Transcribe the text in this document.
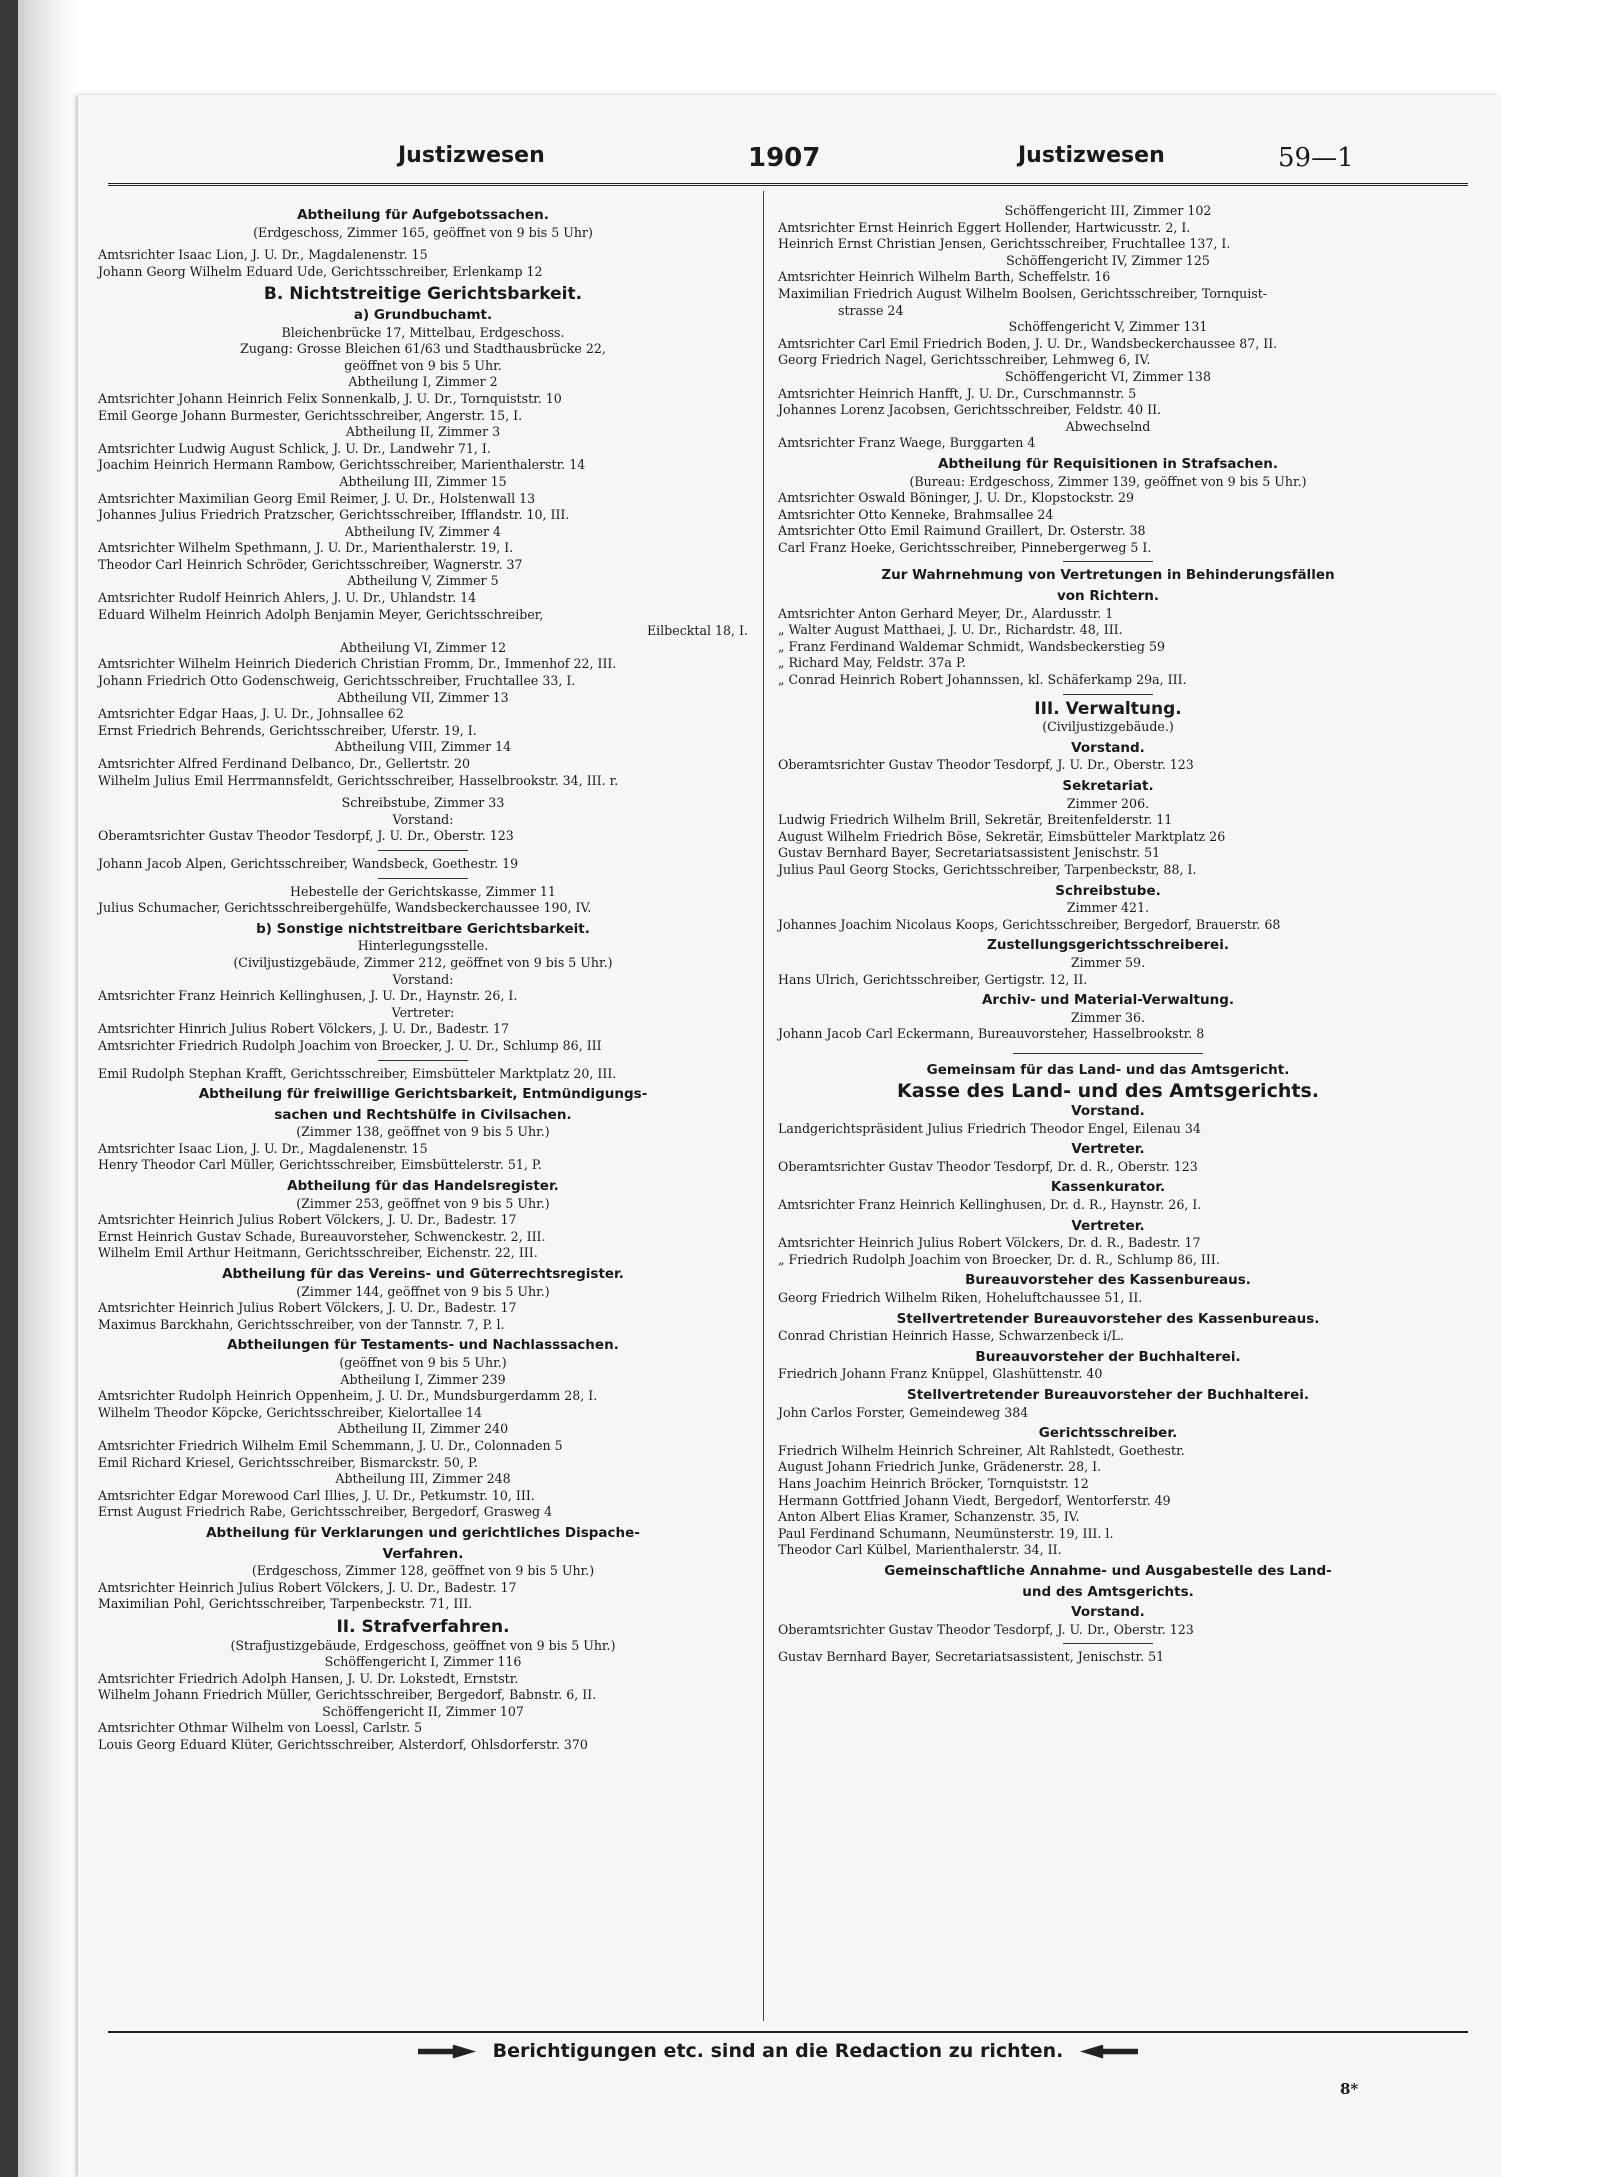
Justizwesen	1907	Justizwesen	59—1
Abtheilung für Aufgebotssachen.
(Erdgeschoss, Zimmer 165, geöffnet von 9 bis 5 Uhr)
Amtsrichter Isaac Lion, J. U. Dr., Magdalenenstr. 15
Johann Georg Wilhelm Eduard Ude, Gerichtsschreiber, Erlenkamp 12
B. Nichtstreitige Gerichtsbarkeit.
a) Grundbuchamt.
Bleichenbrücke 17, Mittelbau, Erdgeschoss.
Zugang: Grosse Bleichen 61/63 und Stadthausbrücke 22,
geöffnet von 9 bis 5 Uhr.
Abtheilung I, Zimmer 2
Amtsrichter Johann Heinrich Felix Sonnenkalb, J. U. Dr., Tornquiststr. 10
Emil George Johann Burmester, Gerichtsschreiber, Angerstr. 15, I.
Abtheilung II, Zimmer 3
Amtsrichter Ludwig August Schlick, J. U. Dr., Landwehr 71, I.
Joachim Heinrich Hermann Rambow, Gerichtsschreiber, Marienthalerstr. 14
Abtheilung III, Zimmer 15
Amtsrichter Maximilian Georg Emil Reimer, J. U. Dr., Holstenwall 13
Johannes Julius Friedrich Pratzscher, Gerichtsschreiber, Ifflandstr. 10, III.
Abtheilung IV, Zimmer 4
Amtsrichter Wilhelm Spethmann, J. U. Dr., Marienthalerstr. 19, I.
Theodor Carl Heinrich Schröder, Gerichtsschreiber, Wagnerstr. 37
Abtheilung V, Zimmer 5
Amtsrichter Rudolf Heinrich Ahlers, J. U. Dr., Uhlandstr. 14
Eduard Wilhelm Heinrich Adolph Benjamin Meyer, Gerichtsschreiber,
Eilbecktal 18, I.
Abtheilung VI, Zimmer 12
Amtsrichter Wilhelm Heinrich Diederich Christian Fromm, Dr., Immenhof 22, III.
Johann Friedrich Otto Godenschweig, Gerichtsschreiber, Fruchtallee 33, I.
Abtheilung VII, Zimmer 13
Amtsrichter Edgar Haas, J. U. Dr., Johnsallee 62
Ernst Friedrich Behrends, Gerichtsschreiber, Uferstr. 19, I.
Abtheilung VIII, Zimmer 14
Amtsrichter Alfred Ferdinand Delbanco, Dr., Gellertstr. 20
Wilhelm Julius Emil Herrmannsfeldt, Gerichtsschreiber, Hasselbrookstr. 34, III. r.
Schreibstube, Zimmer 33
Vorstand:
Oberamtsrichter Gustav Theodor Tesdorpf, J. U. Dr., Oberstr. 123
Johann Jacob Alpen, Gerichtsschreiber, Wandsbeck, Goethestr. 19
Hebestelle der Gerichtskasse, Zimmer 11
Julius Schumacher, Gerichtsschreibergehülfe, Wandsbeckerchaussee 190, IV.
b) Sonstige nichtstreitbare Gerichtsbarkeit.
Hinterlegungsstelle.
(Civiljustizgebäude, Zimmer 212, geöffnet von 9 bis 5 Uhr.)
Vorstand:
Amtsrichter Franz Heinrich Kellinghusen, J. U. Dr., Haynstr. 26, I.
Vertreter:
Amtsrichter Hinrich Julius Robert Völckers, J. U. Dr., Badestr. 17
Amtsrichter Friedrich Rudolph Joachim von Broecker, J. U. Dr., Schlump 86, III
Emil Rudolph Stephan Krafft, Gerichtsschreiber, Eimsbütteler Marktplatz 20, III.
Abtheilung für freiwillige Gerichtsbarkeit, Entmündigungs-
sachen und Rechtshülfe in Civilsachen.
(Zimmer 138, geöffnet von 9 bis 5 Uhr.)
Amtsrichter Isaac Lion, J. U. Dr., Magdalenenstr. 15
Henry Theodor Carl Müller, Gerichtsschreiber, Eimsbüttelerstr. 51, P.
Abtheilung für das Handelsregister.
(Zimmer 253, geöffnet von 9 bis 5 Uhr.)
Amtsrichter Heinrich Julius Robert Völckers, J. U. Dr., Badestr. 17
Ernst Heinrich Gustav Schade, Bureauvorsteher, Schwenckestr. 2, III.
Wilhelm Emil Arthur Heitmann, Gerichtsschreiber, Eichenstr. 22, III.
Abtheilung für das Vereins- und Güterrechtsregister.
(Zimmer 144, geöffnet von 9 bis 5 Uhr.)
Amtsrichter Heinrich Julius Robert Völckers, J. U. Dr., Badestr. 17
Maximus Barckhahn, Gerichtsschreiber, von der Tannstr. 7, P. l.
Abtheilungen für Testaments- und Nachlasssachen.
(geöffnet von 9 bis 5 Uhr.)
Abtheilung I, Zimmer 239
Amtsrichter Rudolph Heinrich Oppenheim, J. U. Dr., Mundsburgerdamm 28, I.
Wilhelm Theodor Köpcke, Gerichtsschreiber, Kielortallee 14
Abtheilung II, Zimmer 240
Amtsrichter Friedrich Wilhelm Emil Schemmann, J. U. Dr., Colonnaden 5
Emil Richard Kriesel, Gerichtsschreiber, Bismarckstr. 50, P.
Abtheilung III, Zimmer 248
Amtsrichter Edgar Morewood Carl Illies, J. U. Dr., Petkumstr. 10, III.
Ernst August Friedrich Rabe, Gerichtsschreiber, Bergedorf, Grasweg 4
Abtheilung für Verklarungen und gerichtliches Dispache-
Verfahren.
(Erdgeschoss, Zimmer 128, geöffnet von 9 bis 5 Uhr.)
Amtsrichter Heinrich Julius Robert Völckers, J. U. Dr., Badestr. 17
Maximilian Pohl, Gerichtsschreiber, Tarpenbeckstr. 71, III.
II. Strafverfahren.
(Strafjustizgebäude, Erdgeschoss, geöffnet von 9 bis 5 Uhr.)
Schöffengericht I, Zimmer 116
Amtsrichter Friedrich Adolph Hansen, J. U. Dr. Lokstedt, Ernststr.
Wilhelm Johann Friedrich Müller, Gerichtsschreiber, Bergedorf, Babnstr. 6, II.
Schöffengericht II, Zimmer 107
Amtsrichter Othmar Wilhelm von Loessl, Carlstr. 5
Louis Georg Eduard Klüter, Gerichtsschreiber, Alsterdorf, Ohlsdorferstr. 370
Schöffengericht III, Zimmer 102
Amtsrichter Ernst Heinrich Eggert Hollender, Hartwicusstr. 2, I.
Heinrich Ernst Christian Jensen, Gerichtsschreiber, Fruchtallee 137, I.
Schöffengericht IV, Zimmer 125
Amtsrichter Heinrich Wilhelm Barth, Scheffelstr. 16
Maximilian Friedrich August Wilhelm Boolsen, Gerichtsschreiber, Tornquist-
strasse 24
Schöffengericht V, Zimmer 131
Amtsrichter Carl Emil Friedrich Boden, J. U. Dr., Wandsbeckerchaussee 87, II.
Georg Friedrich Nagel, Gerichtsschreiber, Lehmweg 6, IV.
Schöffengericht VI, Zimmer 138
Amtsrichter Heinrich Hanfft, J. U. Dr., Curschmannstr. 5
Johannes Lorenz Jacobsen, Gerichtsschreiber, Feldstr. 40 II.
Abwechselnd
Amtsrichter Franz Waege, Burggarten 4
Abtheilung für Requisitionen in Strafsachen.
(Bureau: Erdgeschoss, Zimmer 139, geöffnet von 9 bis 5 Uhr.)
Amtsrichter Oswald Böninger, J. U. Dr., Klopstockstr. 29
Amtsrichter Otto Kenneke, Brahmsallee 24
Amtsrichter Otto Emil Raimund Graillert, Dr. Osterstr. 38
Carl Franz Hoeke, Gerichtsschreiber, Pinnebergerweg 5 I.
Zur Wahrnehmung von Vertretungen in Behinderungsfällen
von Richtern.
Amtsrichter Anton Gerhard Meyer, Dr., Alardusstr. 1
„ Walter August Matthaei, J. U. Dr., Richardstr. 48, III.
„ Franz Ferdinand Waldemar Schmidt, Wandsbeckerstieg 59
„ Richard May, Feldstr. 37a P.
„ Conrad Heinrich Robert Johannssen, kl. Schäferkamp 29a, III.
III. Verwaltung.
(Civiljustizgebäude.)
Vorstand.
Oberamtsrichter Gustav Theodor Tesdorpf, J. U. Dr., Oberstr. 123
Sekretariat.
Zimmer 206.
Ludwig Friedrich Wilhelm Brill, Sekretär, Breitenfelderstr. 11
August Wilhelm Friedrich Böse, Sekretär, Eimsbütteler Marktplatz 26
Gustav Bernhard Bayer, Secretariatsassistent Jenischstr. 51
Julius Paul Georg Stocks, Gerichtsschreiber, Tarpenbeckstr, 88, I.
Schreibstube.
Zimmer 421.
Johannes Joachim Nicolaus Koops, Gerichtsschreiber, Bergedorf, Brauerstr. 68
Zustellungsgerichtsschreiberei.
Zimmer 59.
Hans Ulrich, Gerichtsschreiber, Gertigstr. 12, II.
Archiv- und Material-Verwaltung.
Zimmer 36.
Johann Jacob Carl Eckermann, Bureauvorsteher, Hasselbrookstr. 8
Gemeinsam für das Land- und das Amtsgericht.
Kasse des Land- und des Amtsgerichts.
Vorstand.
Landgerichtspräsident Julius Friedrich Theodor Engel, Eilenau 34
Vertreter.
Oberamtsrichter Gustav Theodor Tesdorpf, Dr. d. R., Oberstr. 123
Kassenkurator.
Amtsrichter Franz Heinrich Kellinghusen, Dr. d. R., Haynstr. 26, I.
Vertreter.
Amtsrichter Heinrich Julius Robert Völckers, Dr. d. R., Badestr. 17
„ Friedrich Rudolph Joachim von Broecker, Dr. d. R., Schlump 86, III.
Bureauvorsteher des Kassenbureaus.
Georg Friedrich Wilhelm Riken, Hoheluftchaussee 51, II.
Stellvertretender Bureauvorsteher des Kassenbureaus.
Conrad Christian Heinrich Hasse, Schwarzenbeck i/L.
Bureauvorsteher der Buchhalterei.
Friedrich Johann Franz Knüppel, Glashüttenstr. 40
Stellvertretender Bureauvorsteher der Buchhalterei.
John Carlos Forster, Gemeindeweg 384
Gerichtsschreiber.
Friedrich Wilhelm Heinrich Schreiner, Alt Rahlstedt, Goethestr.
August Johann Friedrich Junke, Grädenerstr. 28, I.
Hans Joachim Heinrich Bröcker, Tornquiststr. 12
Hermann Gottfried Johann Viedt, Bergedorf, Wentorferstr. 49
Anton Albert Elias Kramer, Schanzenstr. 35, IV.
Paul Ferdinand Schumann, Neumünsterstr. 19, III. l.
Theodor Carl Külbel, Marienthalerstr. 34, II.
Gemeinschaftliche Annahme- und Ausgabestelle des Land-
und des Amtsgerichts.
Vorstand.
Oberamtsrichter Gustav Theodor Tesdorpf, J. U. Dr., Oberstr. 123
Gustav Bernhard Bayer, Secretariatsassistent, Jenischstr. 51
Berichtigungen etc. sind an die Redaction zu richten.
8*
